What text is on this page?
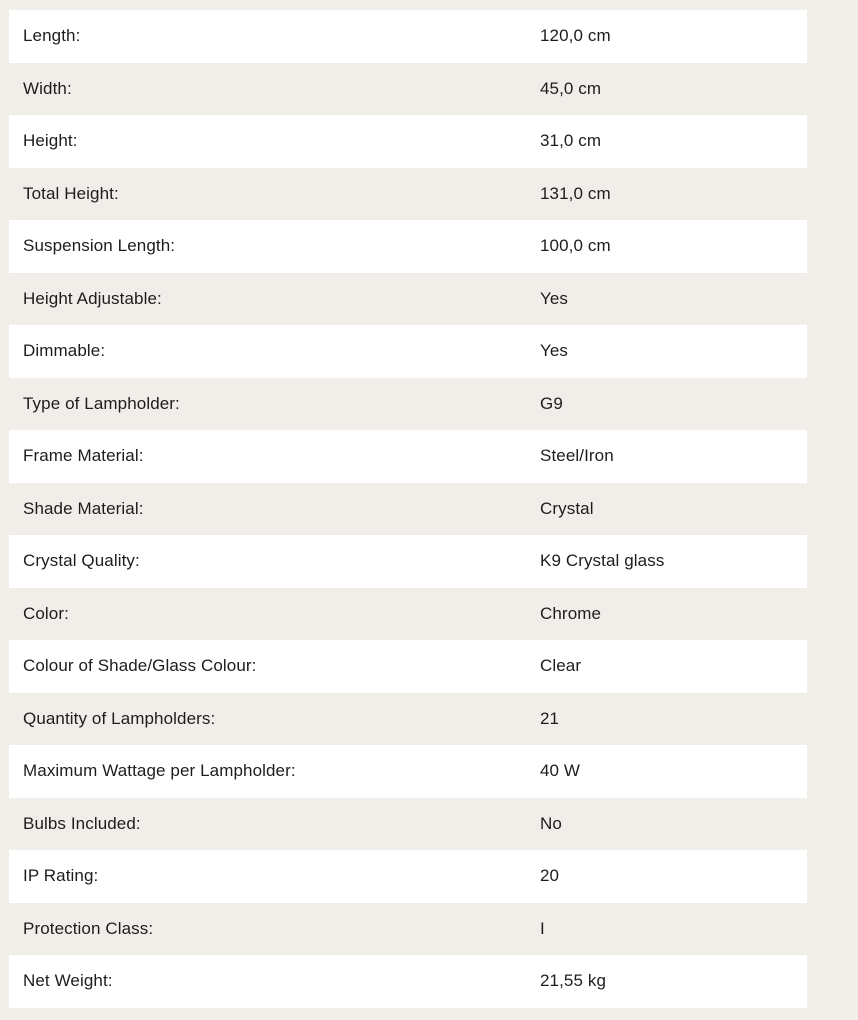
Length:	120,0 cm
Width:	45,0 cm
Height:	31,0 cm
Total Height:	131,0 cm
Suspension Length:	100,0 cm
Height Adjustable:	Yes
Dimmable:	Yes
Type of Lampholder:	G9
Frame Material:	Steel/Iron
Shade Material:	Crystal
Crystal Quality:	K9 Crystal glass
Color:	Chrome
Colour of Shade/Glass Colour:	Clear
Quantity of Lampholders:	21
Maximum Wattage per Lampholder:	40 W
Bulbs Included:	No
IP Rating:	20
Protection Class:	I
Net Weight:	21,55 kg
